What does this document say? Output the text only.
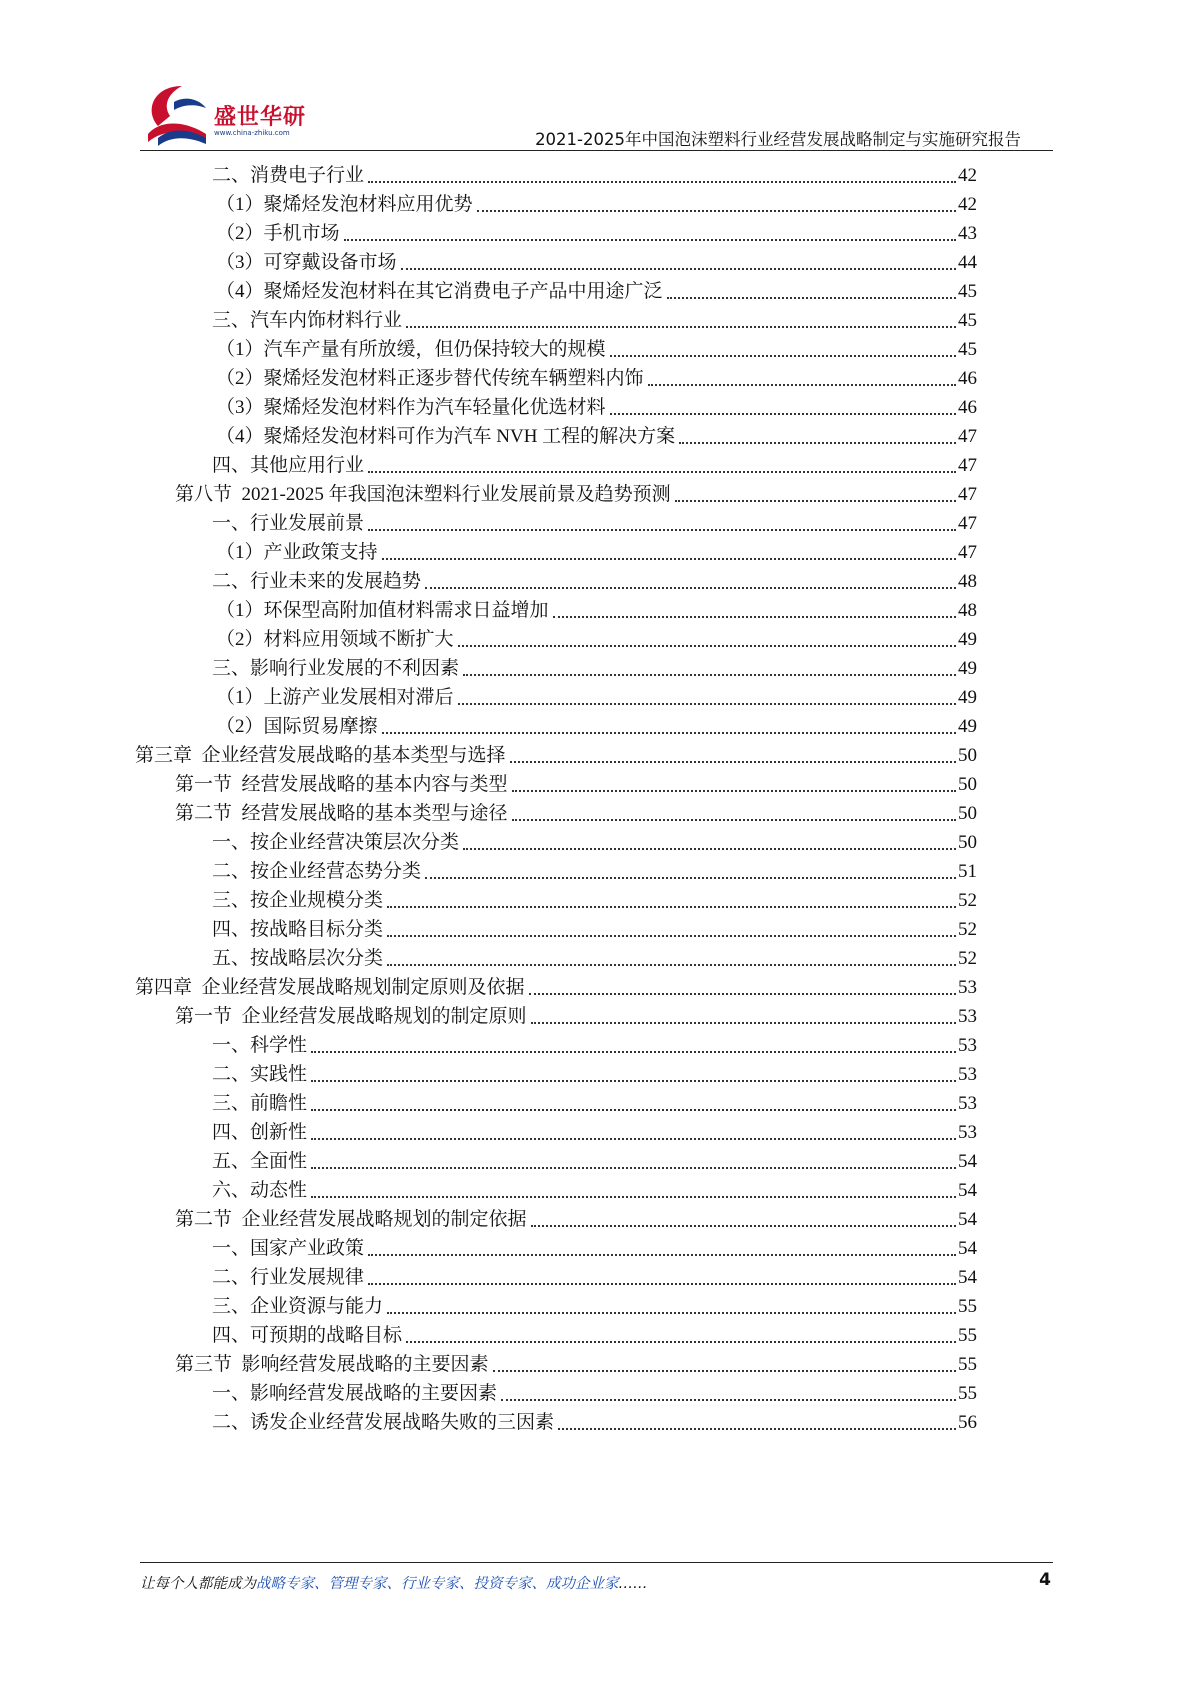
盛世华研
www.china-zhiku.com	2021-2025年中国泡沫塑料行业经营发展战略制定与实施研究报告
二、消费电子行业	42
（1）聚烯烃发泡材料应用优势	42
（2）手机市场	43
（3）可穿戴设备市场	44
（4）聚烯烃发泡材料在其它消费电子产品中用途广泛	45
三、汽车内饰材料行业	45
（1）汽车产量有所放缓，但仍保持较大的规模	45
（2）聚烯烃发泡材料正逐步替代传统车辆塑料内饰	46
（3）聚烯烃发泡材料作为汽车轻量化优选材料	46
（4）聚烯烃发泡材料可作为汽车 NVH 工程的解决方案	47
四、其他应用行业	47
第八节  2021-2025 年我国泡沫塑料行业发展前景及趋势预测	47
一、行业发展前景	47
（1）产业政策支持	47
二、行业未来的发展趋势	48
（1）环保型高附加值材料需求日益增加	48
（2）材料应用领域不断扩大	49
三、影响行业发展的不利因素	49
（1）上游产业发展相对滞后	49
（2）国际贸易摩擦	49
第三章  企业经营发展战略的基本类型与选择	50
第一节  经营发展战略的基本内容与类型	50
第二节  经营发展战略的基本类型与途径	50
一、按企业经营决策层次分类	50
二、按企业经营态势分类	51
三、按企业规模分类	52
四、按战略目标分类	52
五、按战略层次分类	52
第四章  企业经营发展战略规划制定原则及依据	53
第一节  企业经营发展战略规划的制定原则	53
一、科学性	53
二、实践性	53
三、前瞻性	53
四、创新性	53
五、全面性	54
六、动态性	54
第二节  企业经营发展战略规划的制定依据	54
一、国家产业政策	54
二、行业发展规律	54
三、企业资源与能力	55
四、可预期的战略目标	55
第三节  影响经营发展战略的主要因素	55
一、影响经营发展战略的主要因素	55
二、诱发企业经营发展战略失败的三因素	56
让每个人都能成为战略专家、管理专家、行业专家、投资专家、成功企业家……	4
